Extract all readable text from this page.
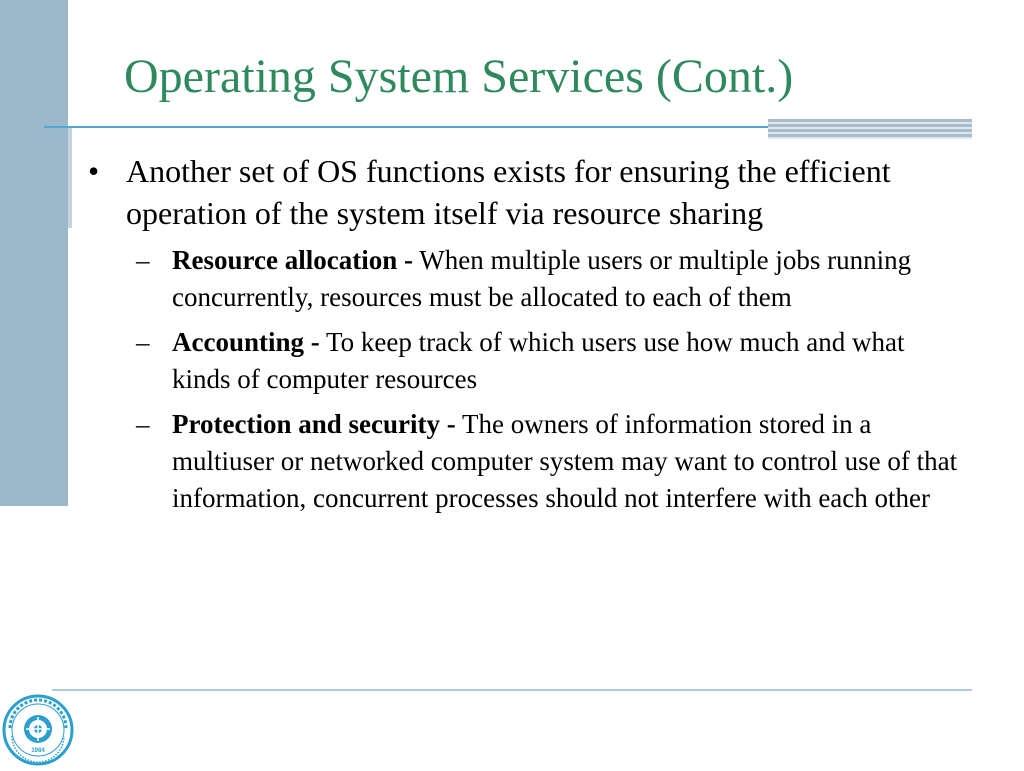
Operating System Services (Cont.)
• Another set of OS functions exists for ensuring the efficient operation of the system itself via resource sharing
– Resource allocation - When multiple users or multiple jobs running concurrently, resources must be allocated to each of them
– Accounting - To keep track of which users use how much and what kinds of computer resources
– Protection and security - The owners of information stored in a multiuser or networked computer system may want to control use of that information, concurrent processes should not interfere with each other
1984
